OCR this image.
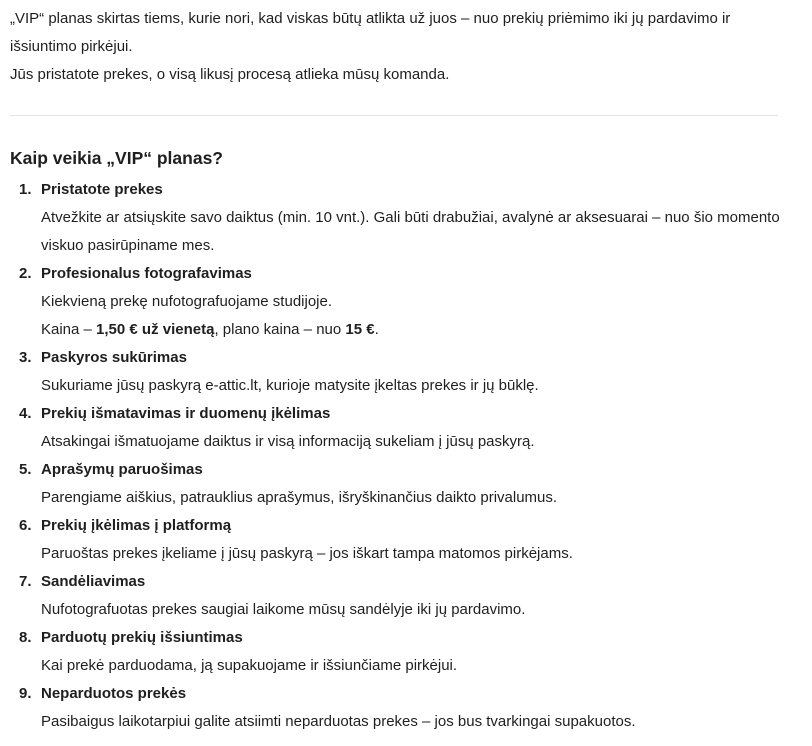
„VIP“ planas skirtas tiems, kurie nori, kad viskas būtų atlikta už juos – nuo prekių priėmimo iki jų pardavimo ir išsiuntimo pirkėjui.

Jūs pristatote prekes, o visą likusį procesą atlieka mūsų komanda.

Kaip veikia „VIP“ planas?
1. Pristatote prekes
Atvežkite ar atsiųskite savo daiktus (min. 10 vnt.). Gali būti drabužiai, avalynė ar aksesuarai – nuo šio momento viskuo pasirūpiname mes.
2. Profesionalus fotografavimas
Kiekvieną prekę nufotografuojame studijoje.
Kaina – 1,50 € už vienetą, plano kaina – nuo 15 €.
3. Paskyros sukūrimas
Sukuriame jūsų paskyrą e-attic.lt, kurioje matysite įkeltas prekes ir jų būklę.
4. Prekių išmatavimas ir duomenų įkėlimas
Atsakingai išmatuojame daiktus ir visą informaciją sukeliam į jūsų paskyrą.
5. Aprašymų paruošimas
Parengiame aiškius, patrauklius aprašymus, išryškinančius daikto privalumus.
6. Prekių įkėlimas į platformą
Paruoštas prekes įkeliame į jūsų paskyrą – jos iškart tampa matomos pirkėjams.
7. Sandėliavimas
Nufotografuotas prekes saugiai laikome mūsų sandėlyje iki jų pardavimo.
8. Parduotų prekių išsiuntimas
Kai prekė parduodama, ją supakuojame ir išsiunčiame pirkėjui.
9. Neparduotos prekės
Pasibaigus laikotarpiui galite atsiimti neparduotas prekes – jos bus tvarkingai supakuotos.
